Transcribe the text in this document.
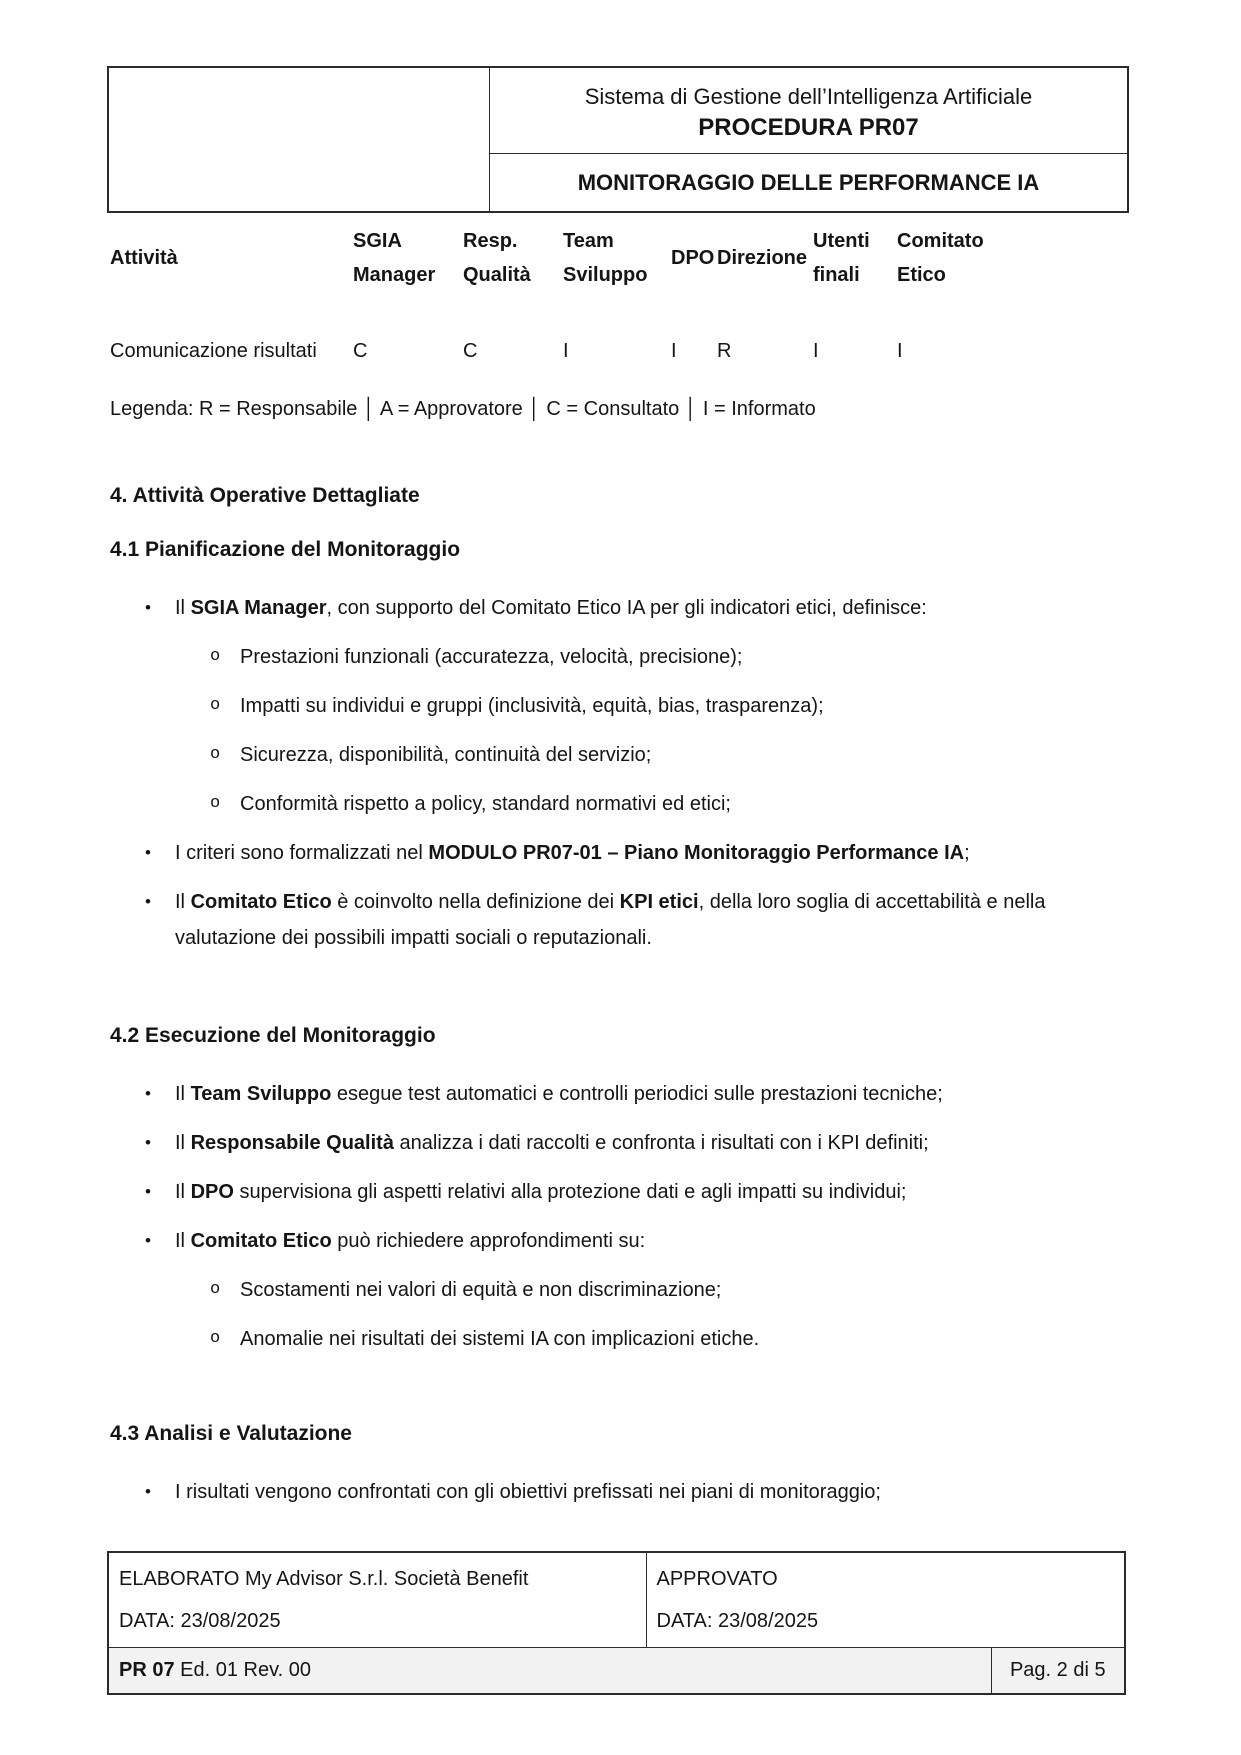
Sistema di Gestione dell’Intelligenza Artificiale
PROCEDURA PR07

MONITORAGGIO DELLE PERFORMANCE IA
Attività	SGIA Manager	Resp. Qualità	Team Sviluppo	DPO	Direzione	Utenti finali	Comitato Etico
Comunicazione risultati	C	C	I	I	R	I	I

Legenda: R = Responsabile │ A = Approvatore │ C = Consultato │ I = Informato

4. Attività Operative Dettagliate
4.1 Pianificazione del Monitoraggio
•	Il SGIA Manager, con supporto del Comitato Etico IA per gli indicatori etici, definisce:
o Prestazioni funzionali (accuratezza, velocità, precisione);
o Impatti su individui e gruppi (inclusività, equità, bias, trasparenza);
o Sicurezza, disponibilità, continuità del servizio;
o Conformità rispetto a policy, standard normativi ed etici;
•	I criteri sono formalizzati nel MODULO PR07-01 – Piano Monitoraggio Performance IA;
•	Il Comitato Etico è coinvolto nella definizione dei KPI etici, della loro soglia di accettabilità e nella valutazione dei possibili impatti sociali o reputazionali.
4.2 Esecuzione del Monitoraggio
•	Il Team Sviluppo esegue test automatici e controlli periodici sulle prestazioni tecniche;
•	Il Responsabile Qualità analizza i dati raccolti e confronta i risultati con i KPI definiti;
•	Il DPO supervisiona gli aspetti relativi alla protezione dati e agli impatti su individui;
•	Il Comitato Etico può richiedere approfondimenti su:
o Scostamenti nei valori di equità e non discriminazione;
o Anomalie nei risultati dei sistemi IA con implicazioni etiche.
4.3 Analisi e Valutazione
•	I risultati vengono confrontati con gli obiettivi prefissati nei piani di monitoraggio;
ELABORATO My Advisor S.r.l. Società Benefit
DATA: 23/08/2025

APPROVATO
DATA: 23/08/2025

PR 07 Ed. 01 Rev. 00		Pag. 2 di 5
